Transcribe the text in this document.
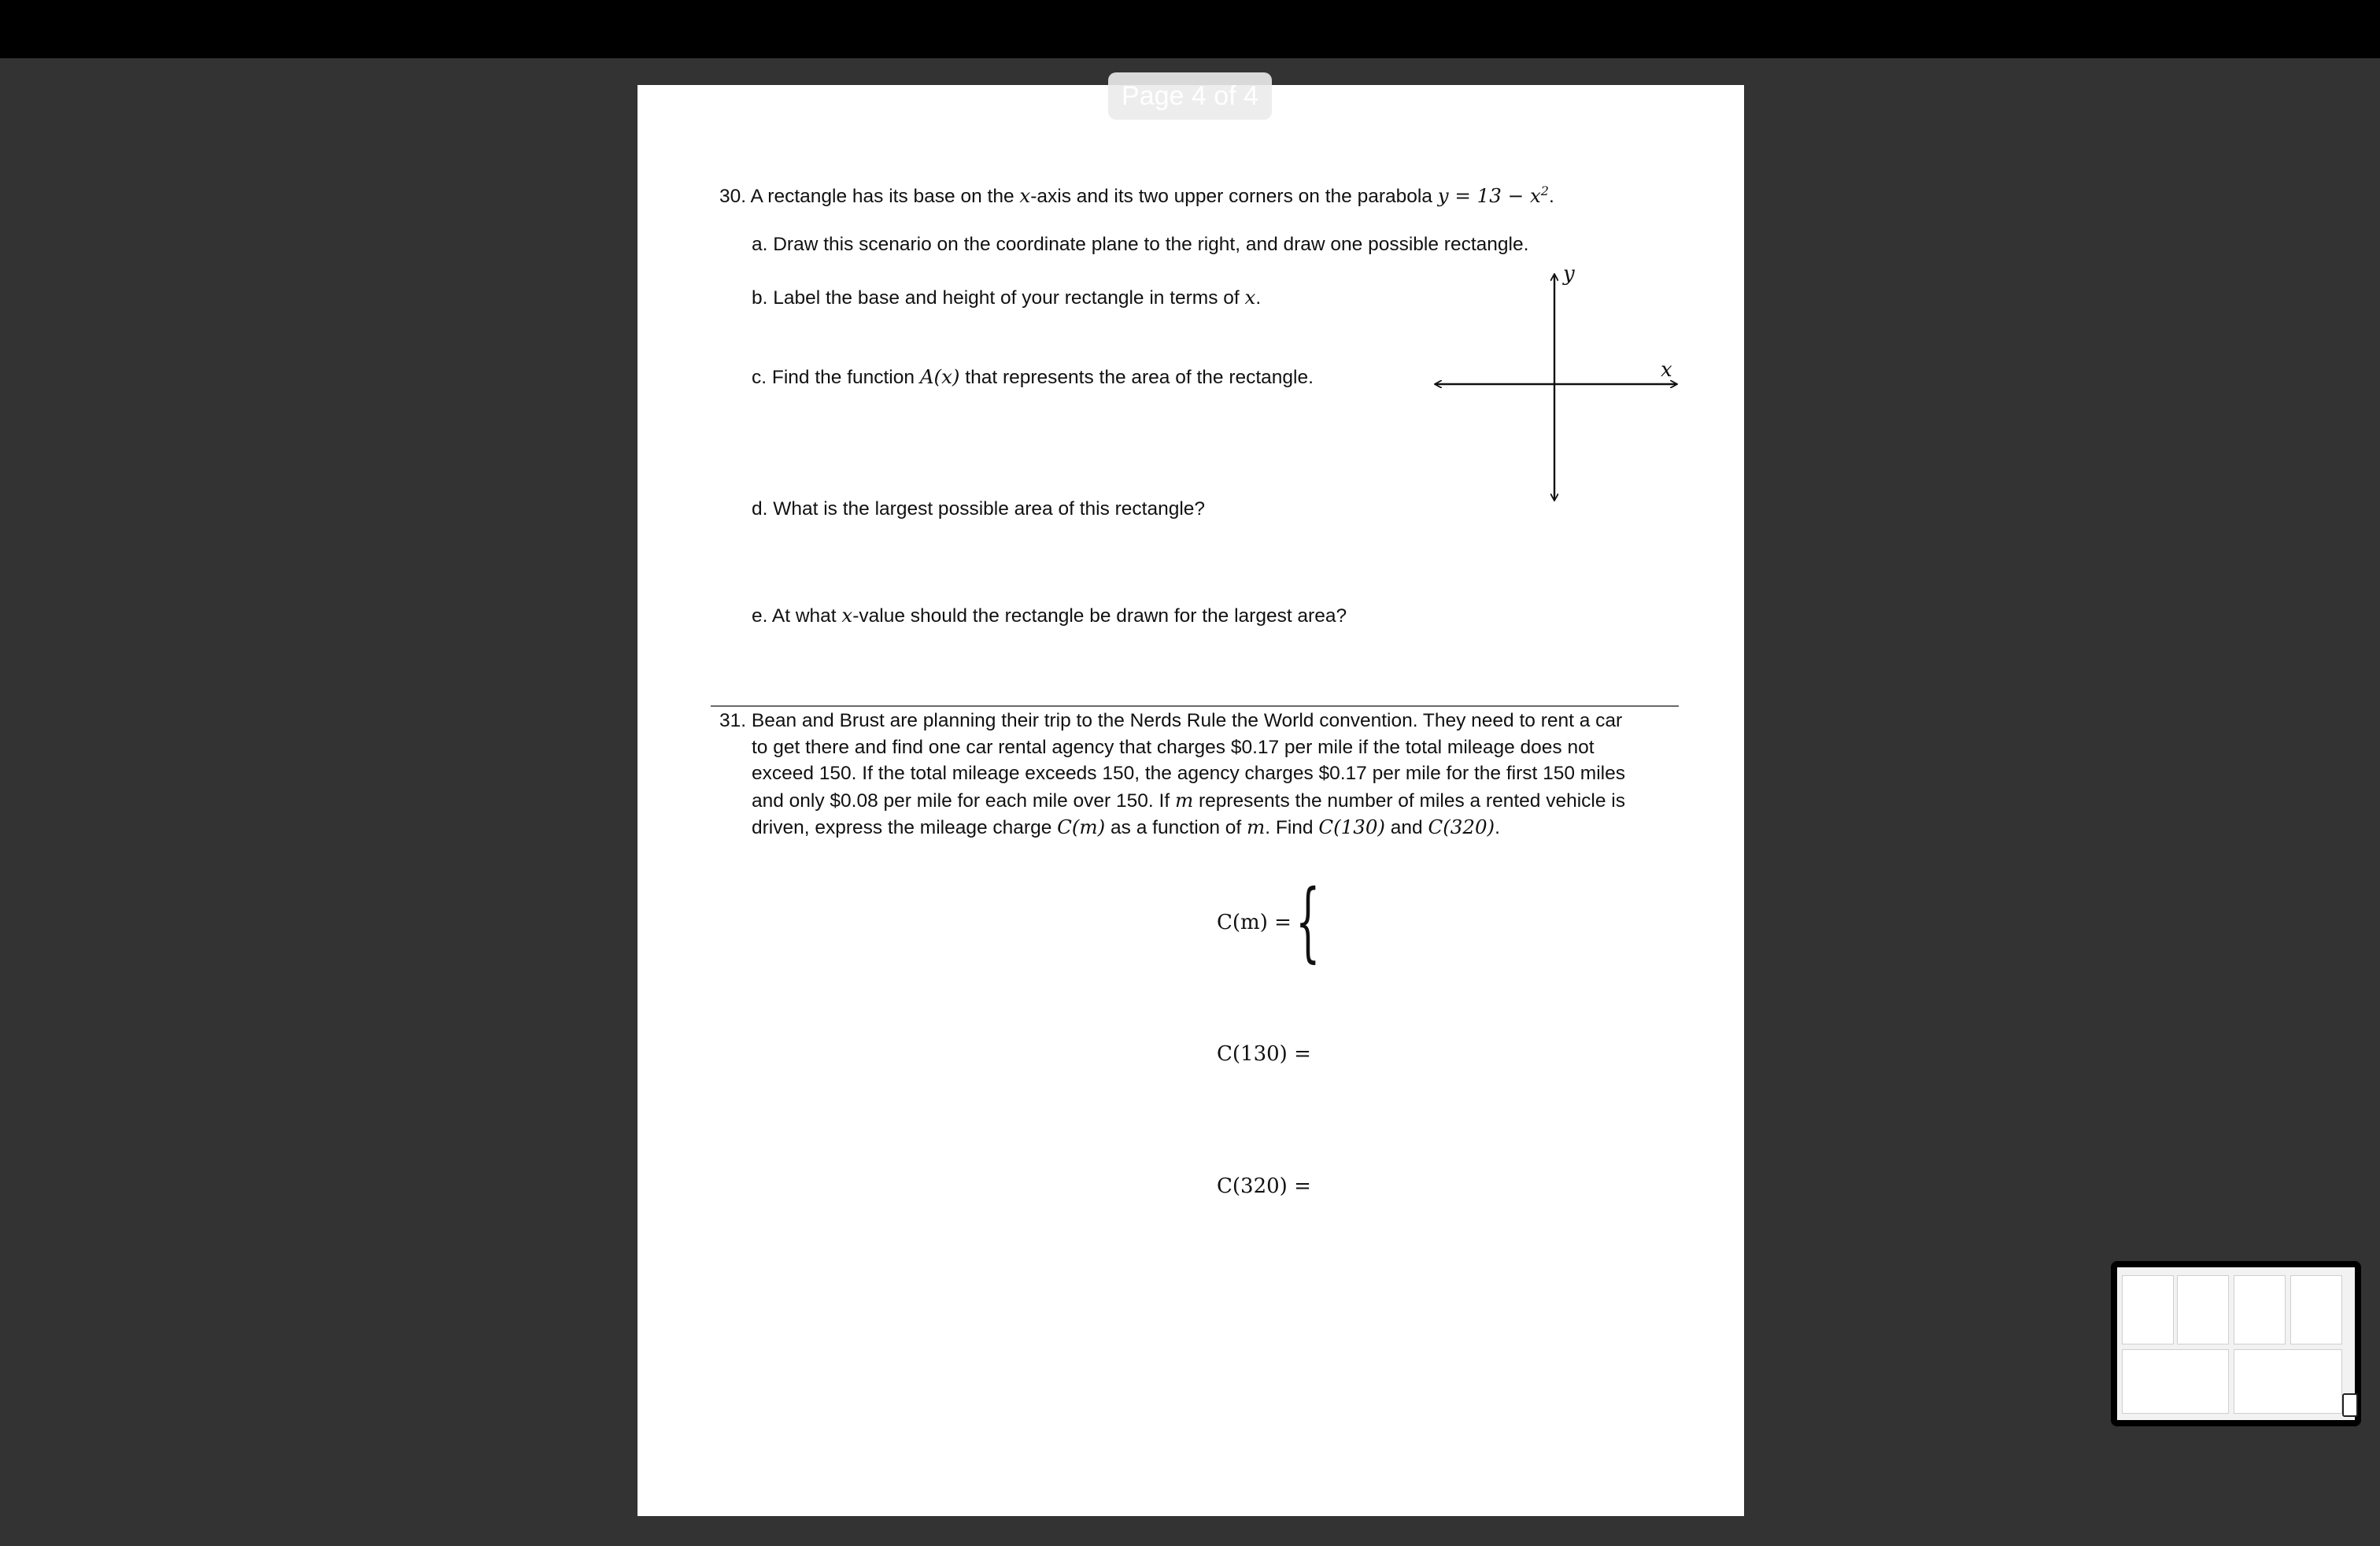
Page 4 of 4
30. A rectangle has its base on the x-axis and its two upper corners on the parabola $y = 13 - x^2$.
a. Draw this scenario on the coordinate plane to the right, and draw one possible rectangle.
b. Label the base and height of your rectangle in terms of x.
c. Find the function A(x) that represents the area of the rectangle.
d. What is the largest possible area of this rectangle?
e. At what x-value should the rectangle be drawn for the largest area?
y
x
31. Bean and Brust are planning their trip to the Nerds Rule the World convention. They need to rent a car
to get there and find one car rental agency that charges $0.17 per mile if the total mileage does not
exceed 150. If the total mileage exceeds 150, the agency charges $0.17 per mile for the first 150 miles
and only $0.08 per mile for each mile over 150. If m represents the number of miles a rented vehicle is
driven, express the mileage charge C(m) as a function of m. Find C(130) and C(320).
C(m) = {
C(130) =
C(320) =
